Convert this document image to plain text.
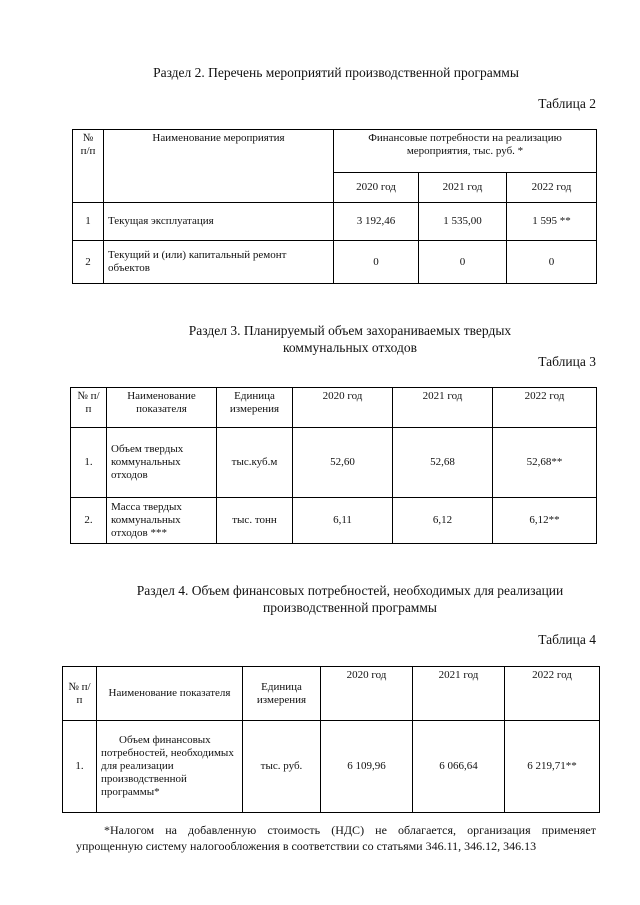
Раздел 2. Перечень мероприятий производственной программы
Таблица 2
№ п/п	Наименование мероприятия	Финансовые потребности на реализацию мероприятия, тыс. руб. *		
		2020 год	2021 год	2022 год
1	Текущая эксплуатация	3 192,46	1 535,00	1 595 **
2	Текущий и (или) капитальный ремонт объектов	0	0	0
Раздел 3. Планируемый объем захораниваемых твердых
коммунальных отходов
Таблица 3
№ п/п	Наименование показателя	Единица измерения	2020 год	2021 год	2022 год
1.	Объем твердых коммунальных отходов	тыс.куб.м	52,60	52,68	52,68**
2.	Масса твердых коммунальных отходов ***	тыс. тонн	6,11	6,12	6,12**
Раздел 4. Объем финансовых потребностей, необходимых для реализации
производственной программы
Таблица 4
№ п/п	Наименование показателя	Единица измерения	2020 год	2021 год	2022 год
1.	Объем финансовых потребностей, необходимых для реализации производственной программы*	тыс. руб.	6 109,96	6 066,64	6 219,71**
*Налогом на добавленную стоимость (НДС) не облагается, организация применяет упрощенную систему налогообложения в соответствии со статьями 346.11, 346.12, 346.13
